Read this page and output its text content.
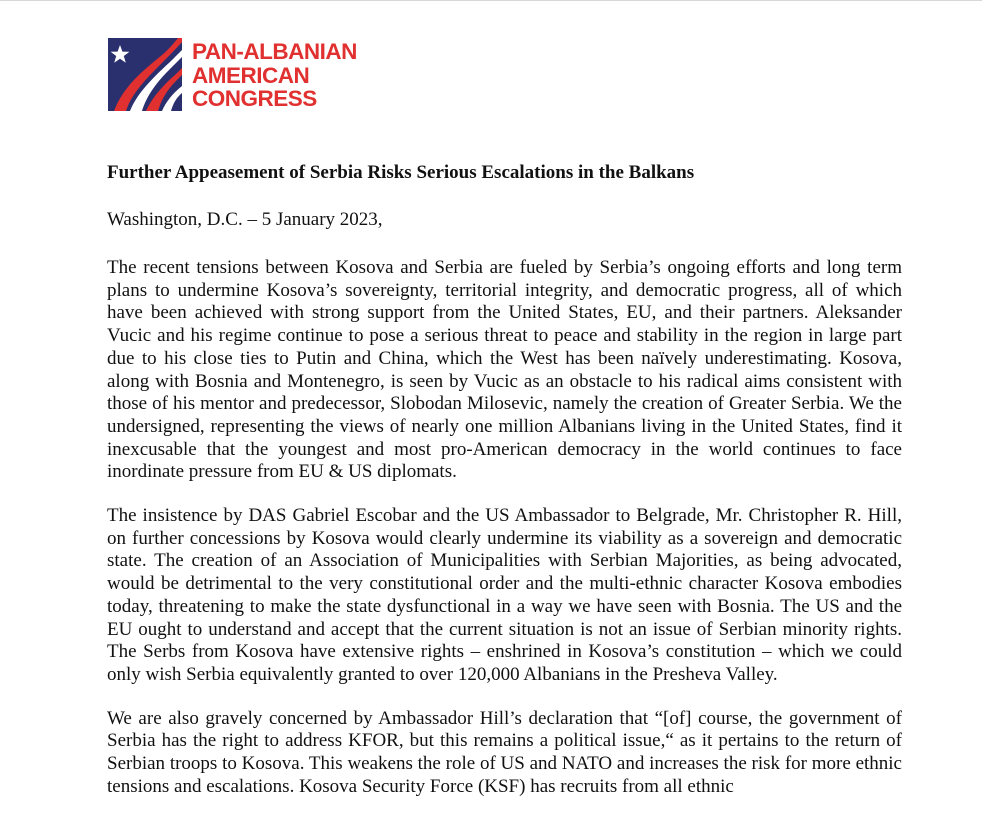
PAN-ALBANIAN
AMERICAN
CONGRESS
Further Appeasement of Serbia Risks Serious Escalations in the Balkans

Washington, D.C. – 5 January 2023,

The recent tensions between Kosova and Serbia are fueled by Serbia’s ongoing efforts and long term plans to undermine Kosova’s sovereignty, territorial integrity, and democratic progress, all of which have been achieved with strong support from the United States, EU, and their partners. Aleksander Vucic and his regime continue to pose a serious threat to peace and stability in the region in large part due to his close ties to Putin and China, which the West has been naïvely underestimating. Kosova, along with Bosnia and Montenegro, is seen by Vucic as an obstacle to his radical aims consistent with those of his mentor and predecessor, Slobodan Milosevic, namely the creation of Greater Serbia. We the undersigned, representing the views of nearly one million Albanians living in the United States, find it inexcusable that the youngest and most pro-American democracy in the world continues to face inordinate pressure from EU & US diplomats.

The insistence by DAS Gabriel Escobar and the US Ambassador to Belgrade, Mr. Christopher R. Hill, on further concessions by Kosova would clearly undermine its viability as a sovereign and democratic state. The creation of an Association of Municipalities with Serbian Majorities, as being advocated, would be detrimental to the very constitutional order and the multi-ethnic character Kosova embodies today, threatening to make the state dysfunctional in a way we have seen with Bosnia. The US and the EU ought to understand and accept that the current situation is not an issue of Serbian minority rights. The Serbs from Kosova have extensive rights – enshrined in Kosova’s constitution – which we could only wish Serbia equivalently granted to over 120,000 Albanians in the Presheva Valley.

We are also gravely concerned by Ambassador Hill’s declaration that “[of] course, the government of Serbia has the right to address KFOR, but this remains a political issue,“ as it pertains to the return of Serbian troops to Kosova. This weakens the role of US and NATO and increases the risk for more ethnic tensions and escalations. Kosova Security Force (KSF) has recruits from all ethnic
